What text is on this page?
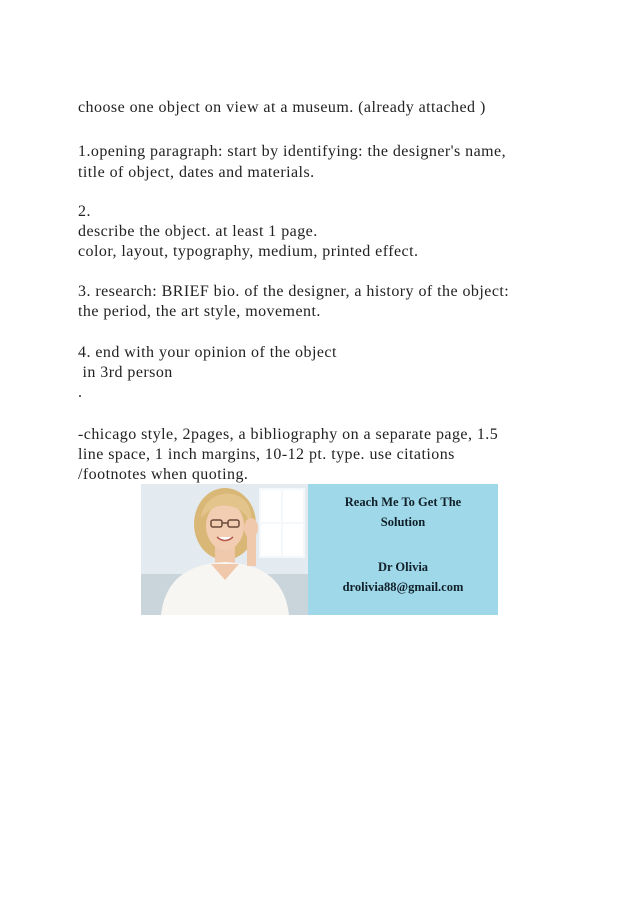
choose one object on view at a museum. (already attached )

1.opening paragraph: start by identifying: the designer's name,

title of object, dates and materials.

2.

describe the object. at least 1 page.

color, layout, typography, medium, printed effect.

3. research: BRIEF bio. of the designer, a history of the object:

the period, the art style, movement.

4. end with your opinion of the object

in 3rd person

.

-chicago style, 2pages, a bibliography on a separate page, 1.5

line space, 1 inch margins, 10-12 pt. type. use citations

/footnotes when quoting.

Reach Me To Get The

Solution

Dr Olivia

drolivia88@gmail.com
